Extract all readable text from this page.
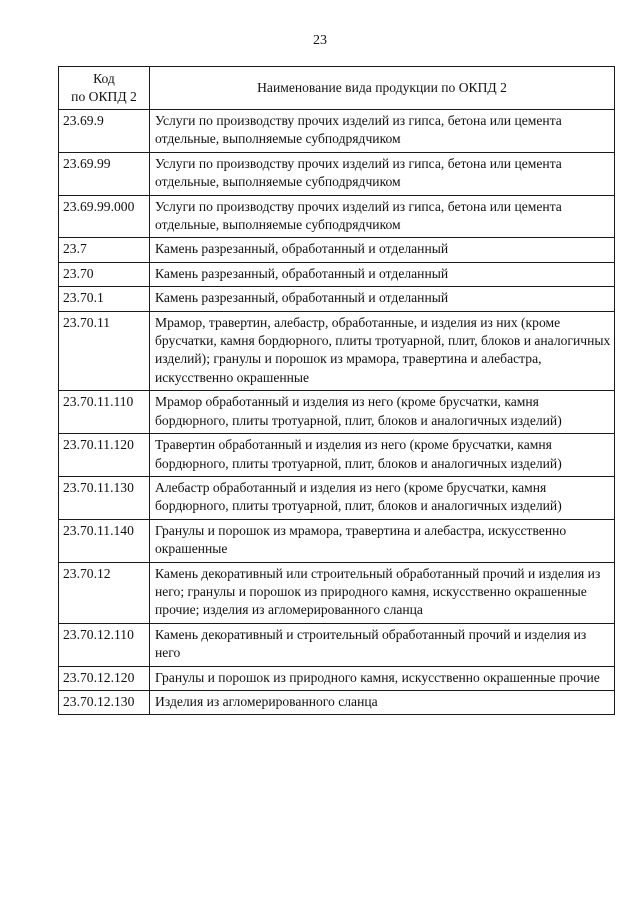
23
Код
по ОКПД 2	Наименование вида продукции по ОКПД 2
23.69.9	Услуги по производству прочих изделий из гипса, бетона или цемента отдельные, выполняемые субподрядчиком
23.69.99	Услуги по производству прочих изделий из гипса, бетона или цемента отдельные, выполняемые субподрядчиком
23.69.99.000	Услуги по производству прочих изделий из гипса, бетона или цемента отдельные, выполняемые субподрядчиком
23.7	Камень разрезанный, обработанный и отделанный
23.70	Камень разрезанный, обработанный и отделанный
23.70.1	Камень разрезанный, обработанный и отделанный
23.70.11	Мрамор, травертин, алебастр, обработанные, и изделия из них (кроме брусчатки, камня бордюрного, плиты тротуарной, плит, блоков и аналогичных изделий); гранулы и порошок из мрамора, травертина и алебастра, искусственно окрашенные
23.70.11.110	Мрамор обработанный и изделия из него (кроме брусчатки, камня бордюрного, плиты тротуарной, плит, блоков и аналогичных изделий)
23.70.11.120	Травертин обработанный и изделия из него (кроме брусчатки, камня бордюрного, плиты тротуарной, плит, блоков и аналогичных изделий)
23.70.11.130	Алебастр обработанный и изделия из него (кроме брусчатки, камня бордюрного, плиты тротуарной, плит, блоков и аналогичных изделий)
23.70.11.140	Гранулы и порошок из мрамора, травертина и алебастра, искусственно окрашенные
23.70.12	Камень декоративный или строительный обработанный прочий и изделия из него; гранулы и порошок из природного камня, искусственно окрашенные прочие; изделия из агломерированного сланца
23.70.12.110	Камень декоративный и строительный обработанный прочий и изделия из него
23.70.12.120	Гранулы и порошок из природного камня, искусственно окрашенные прочие
23.70.12.130	Изделия из агломерированного сланца
